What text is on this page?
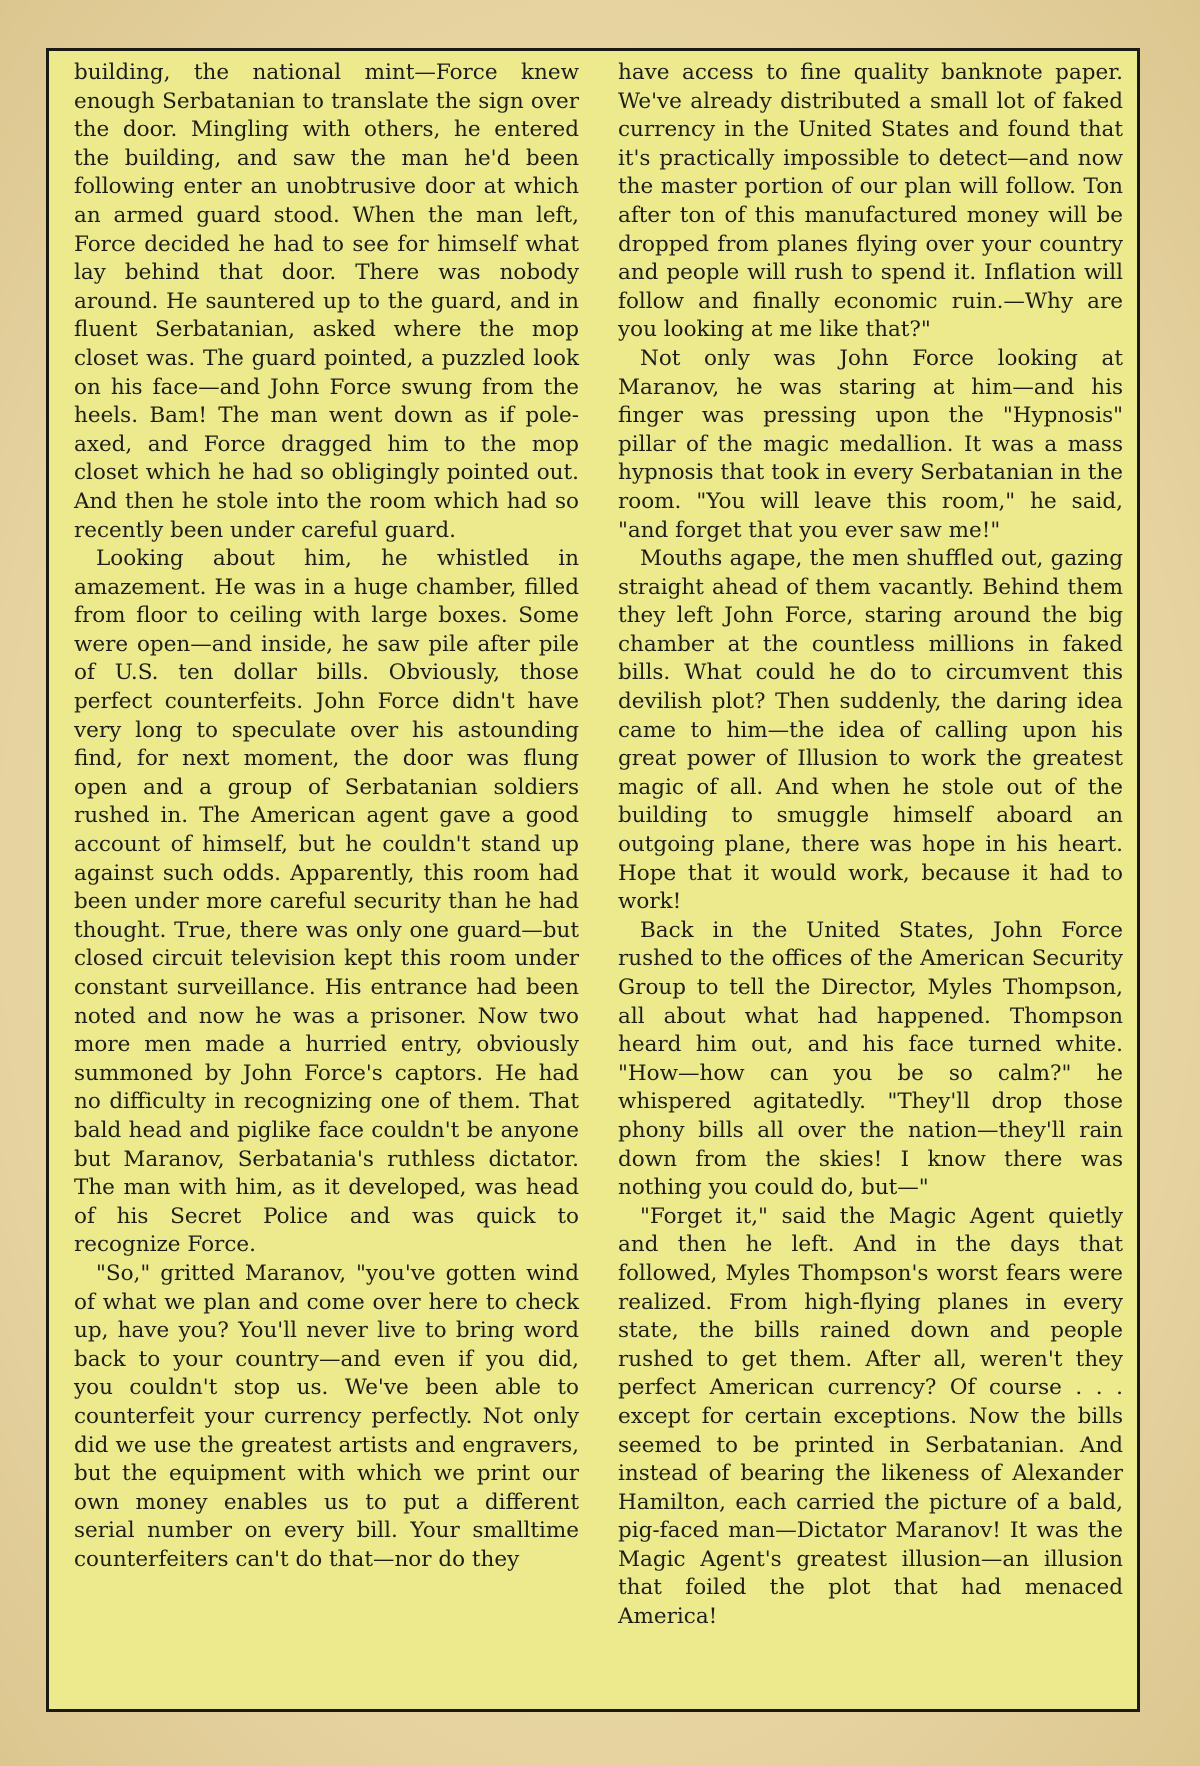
building, the national mint—Force knew enough Serbatanian to translate the sign over the door. Mingling with others, he entered the building, and saw the man he'd been following enter an unobtrusive door at which an armed guard stood. When the man left, Force decided he had to see for himself what lay behind that door. There was nobody around. He sauntered up to the guard, and in fluent Serbatanian, asked where the mop closet was. The guard pointed, a puzzled look on his face—and John Force swung from the heels. Bam! The man went down as if pole-axed, and Force dragged him to the mop closet which he had so obligingly pointed out. And then he stole into the room which had so recently been under careful guard.

Looking about him, he whistled in amazement. He was in a huge chamber, filled from floor to ceiling with large boxes. Some were open—and inside, he saw pile after pile of U.S. ten dollar bills. Obviously, those perfect counterfeits. John Force didn't have very long to speculate over his astounding find, for next moment, the door was flung open and a group of Serbatanian soldiers rushed in. The American agent gave a good account of himself, but he couldn't stand up against such odds. Apparently, this room had been under more careful security than he had thought. True, there was only one guard—but closed circuit television kept this room under constant surveillance. His entrance had been noted and now he was a prisoner. Now two more men made a hurried entry, obviously summoned by John Force's captors. He had no difficulty in recognizing one of them. That bald head and piglike face couldn't be anyone but Maranov, Serbatania's ruthless dictator. The man with him, as it developed, was head of his Secret Police and was quick to recognize Force.

"So," gritted Maranov, "you've gotten wind of what we plan and come over here to check up, have you? You'll never live to bring word back to your country—and even if you did, you couldn't stop us. We've been able to counterfeit your currency perfectly. Not only did we use the greatest artists and engravers, but the equipment with which we print our own money enables us to put a different serial number on every bill. Your smalltime counterfeiters can't do that—nor do they

have access to fine quality banknote paper. We've already distributed a small lot of faked currency in the United States and found that it's practically impossible to detect—and now the master portion of our plan will follow. Ton after ton of this manufactured money will be dropped from planes flying over your country and people will rush to spend it. Inflation will follow and finally economic ruin.—Why are you looking at me like that?"

Not only was John Force looking at Maranov, he was staring at him—and his finger was pressing upon the "Hypnosis" pillar of the magic medallion. It was a mass hypnosis that took in every Serbatanian in the room. "You will leave this room," he said, "and forget that you ever saw me!"

Mouths agape, the men shuffled out, gazing straight ahead of them vacantly. Behind them they left John Force, staring around the big chamber at the countless millions in faked bills. What could he do to circumvent this devilish plot? Then suddenly, the daring idea came to him—the idea of calling upon his great power of Illusion to work the greatest magic of all. And when he stole out of the building to smuggle himself aboard an outgoing plane, there was hope in his heart. Hope that it would work, because it had to work!

Back in the United States, John Force rushed to the offices of the American Security Group to tell the Director, Myles Thompson, all about what had happened. Thompson heard him out, and his face turned white. "How—how can you be so calm?" he whispered agitatedly. "They'll drop those phony bills all over the nation—they'll rain down from the skies! I know there was nothing you could do, but—"

"Forget it," said the Magic Agent quietly and then he left. And in the days that followed, Myles Thompson's worst fears were realized. From high-flying planes in every state, the bills rained down and people rushed to get them. After all, weren't they perfect American currency? Of course . . . except for certain exceptions. Now the bills seemed to be printed in Serbatanian. And instead of bearing the likeness of Alexander Hamilton, each carried the picture of a bald, pig-faced man—Dictator Maranov! It was the Magic Agent's greatest illusion—an illusion that foiled the plot that had menaced America!
